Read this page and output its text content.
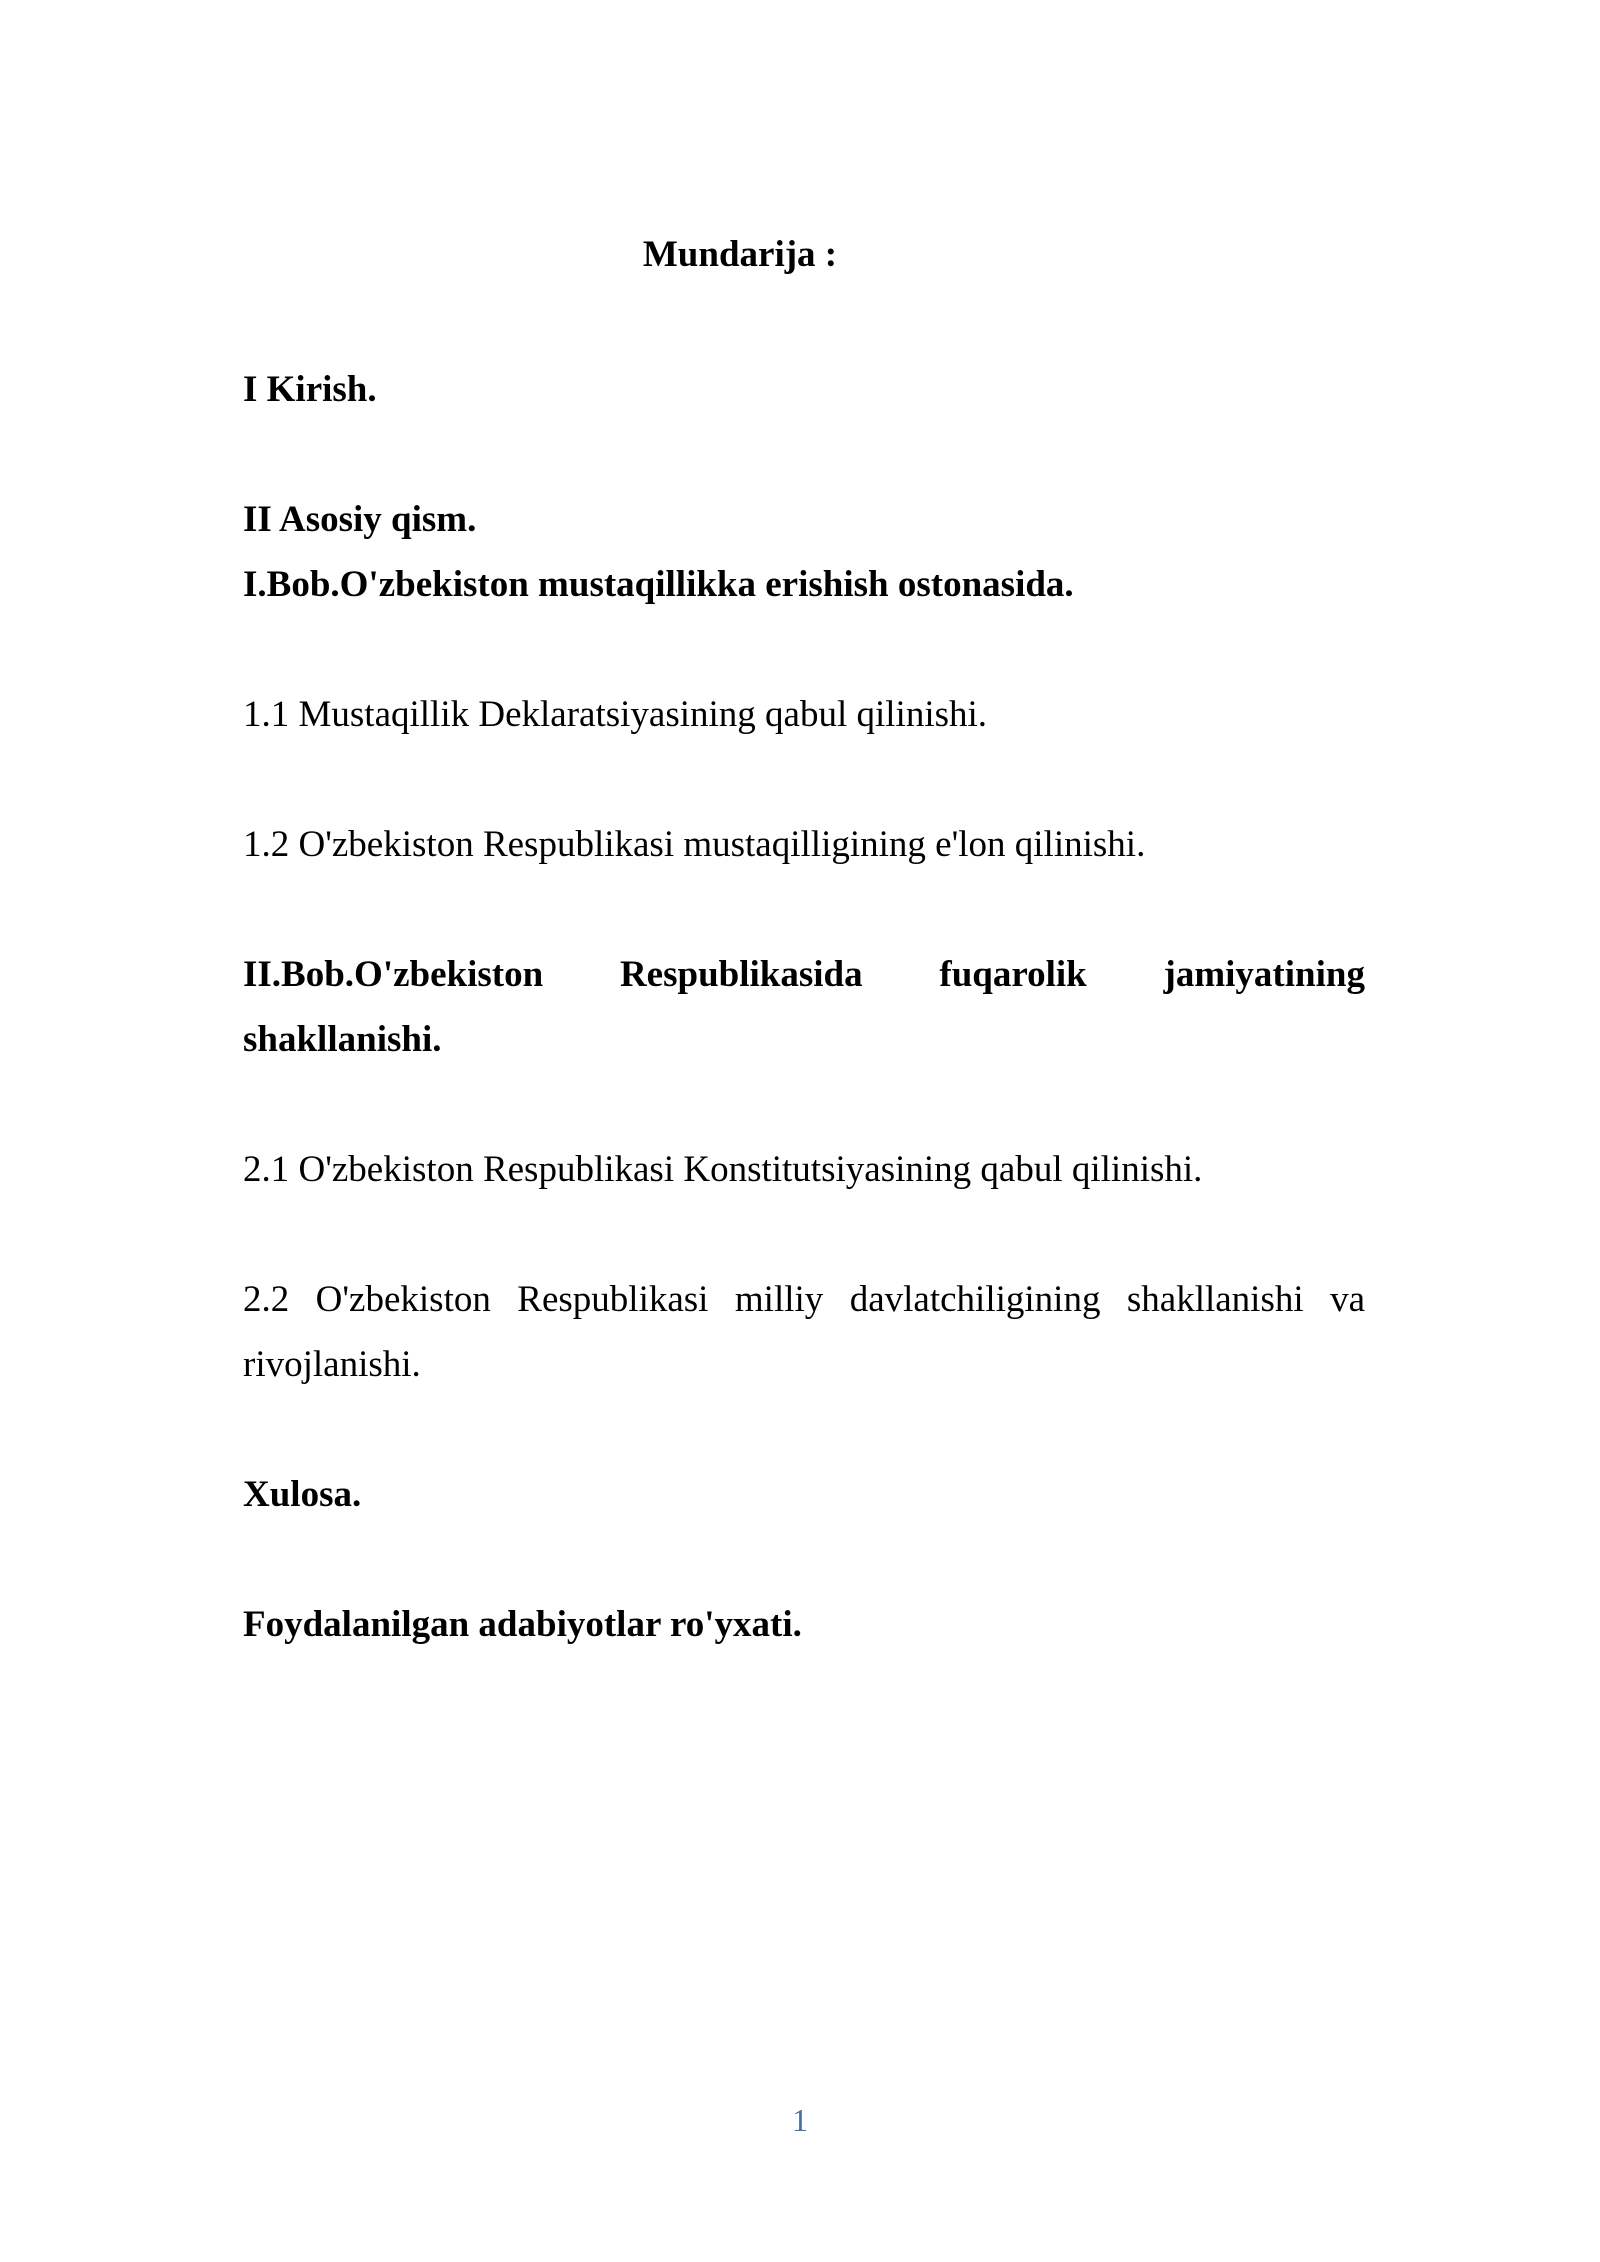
Mundarija :
I Kirish.
II Asosiy qism.
I.Bob.O'zbekiston mustaqillikka erishish ostonasida.
1.1 Mustaqillik Deklaratsiyasining qabul qilinishi.
1.2 O'zbekiston Respublikasi mustaqilligining e'lon qilinishi.
II.Bob.O'zbekiston Respublikasida fuqarolik jamiyatining
shakllanishi.
2.1 O'zbekiston Respublikasi Konstitutsiyasining qabul qilinishi.
2.2 O'zbekiston Respublikasi milliy davlatchiligining shakllanishi va
rivojlanishi.
Xulosa.
Foydalanilgan adabiyotlar ro'yxati.
1
